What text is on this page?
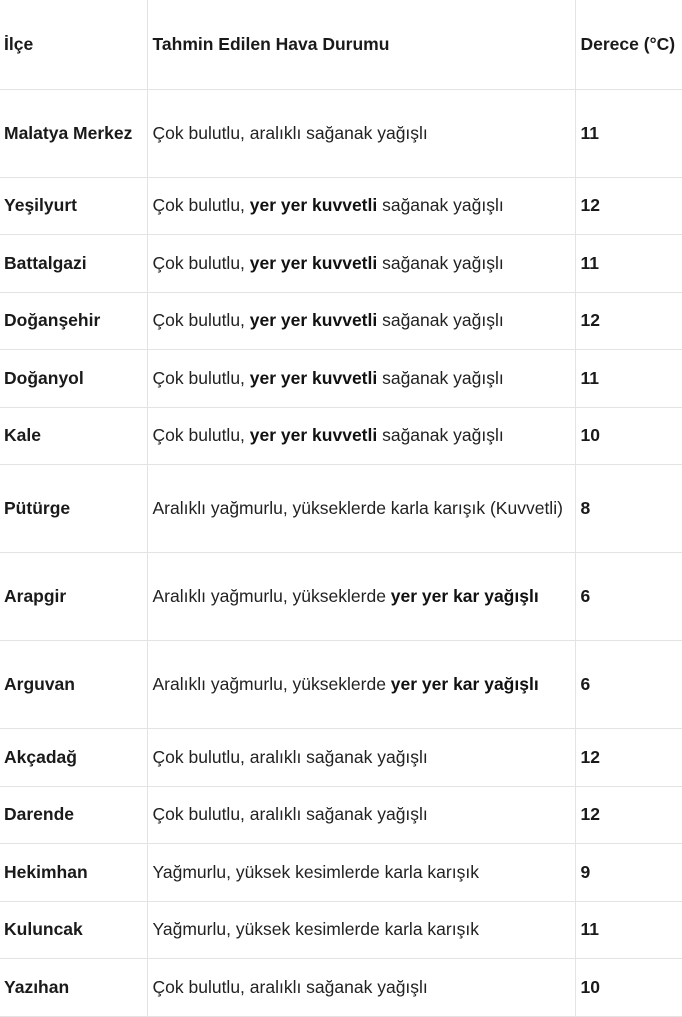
İlçe	Tahmin Edilen Hava Durumu	Derece (°C)
Malatya Merkez	Çok bulutlu, aralıklı sağanak yağışlı	11
Yeşilyurt	Çok bulutlu, yer yer kuvvetli sağanak yağışlı	12
Battalgazi	Çok bulutlu, yer yer kuvvetli sağanak yağışlı	11
Doğanşehir	Çok bulutlu, yer yer kuvvetli sağanak yağışlı	12
Doğanyol	Çok bulutlu, yer yer kuvvetli sağanak yağışlı	11
Kale	Çok bulutlu, yer yer kuvvetli sağanak yağışlı	10
Pütürge	Aralıklı yağmurlu, yükseklerde karla karışık (Kuvvetli)	8
Arapgir	Aralıklı yağmurlu, yükseklerde yer yer kar yağışlı	6
Arguvan	Aralıklı yağmurlu, yükseklerde yer yer kar yağışlı	6
Akçadağ	Çok bulutlu, aralıklı sağanak yağışlı	12
Darende	Çok bulutlu, aralıklı sağanak yağışlı	12
Hekimhan	Yağmurlu, yüksek kesimlerde karla karışık	9
Kuluncak	Yağmurlu, yüksek kesimlerde karla karışık	11
Yazıhan	Çok bulutlu, aralıklı sağanak yağışlı	10
